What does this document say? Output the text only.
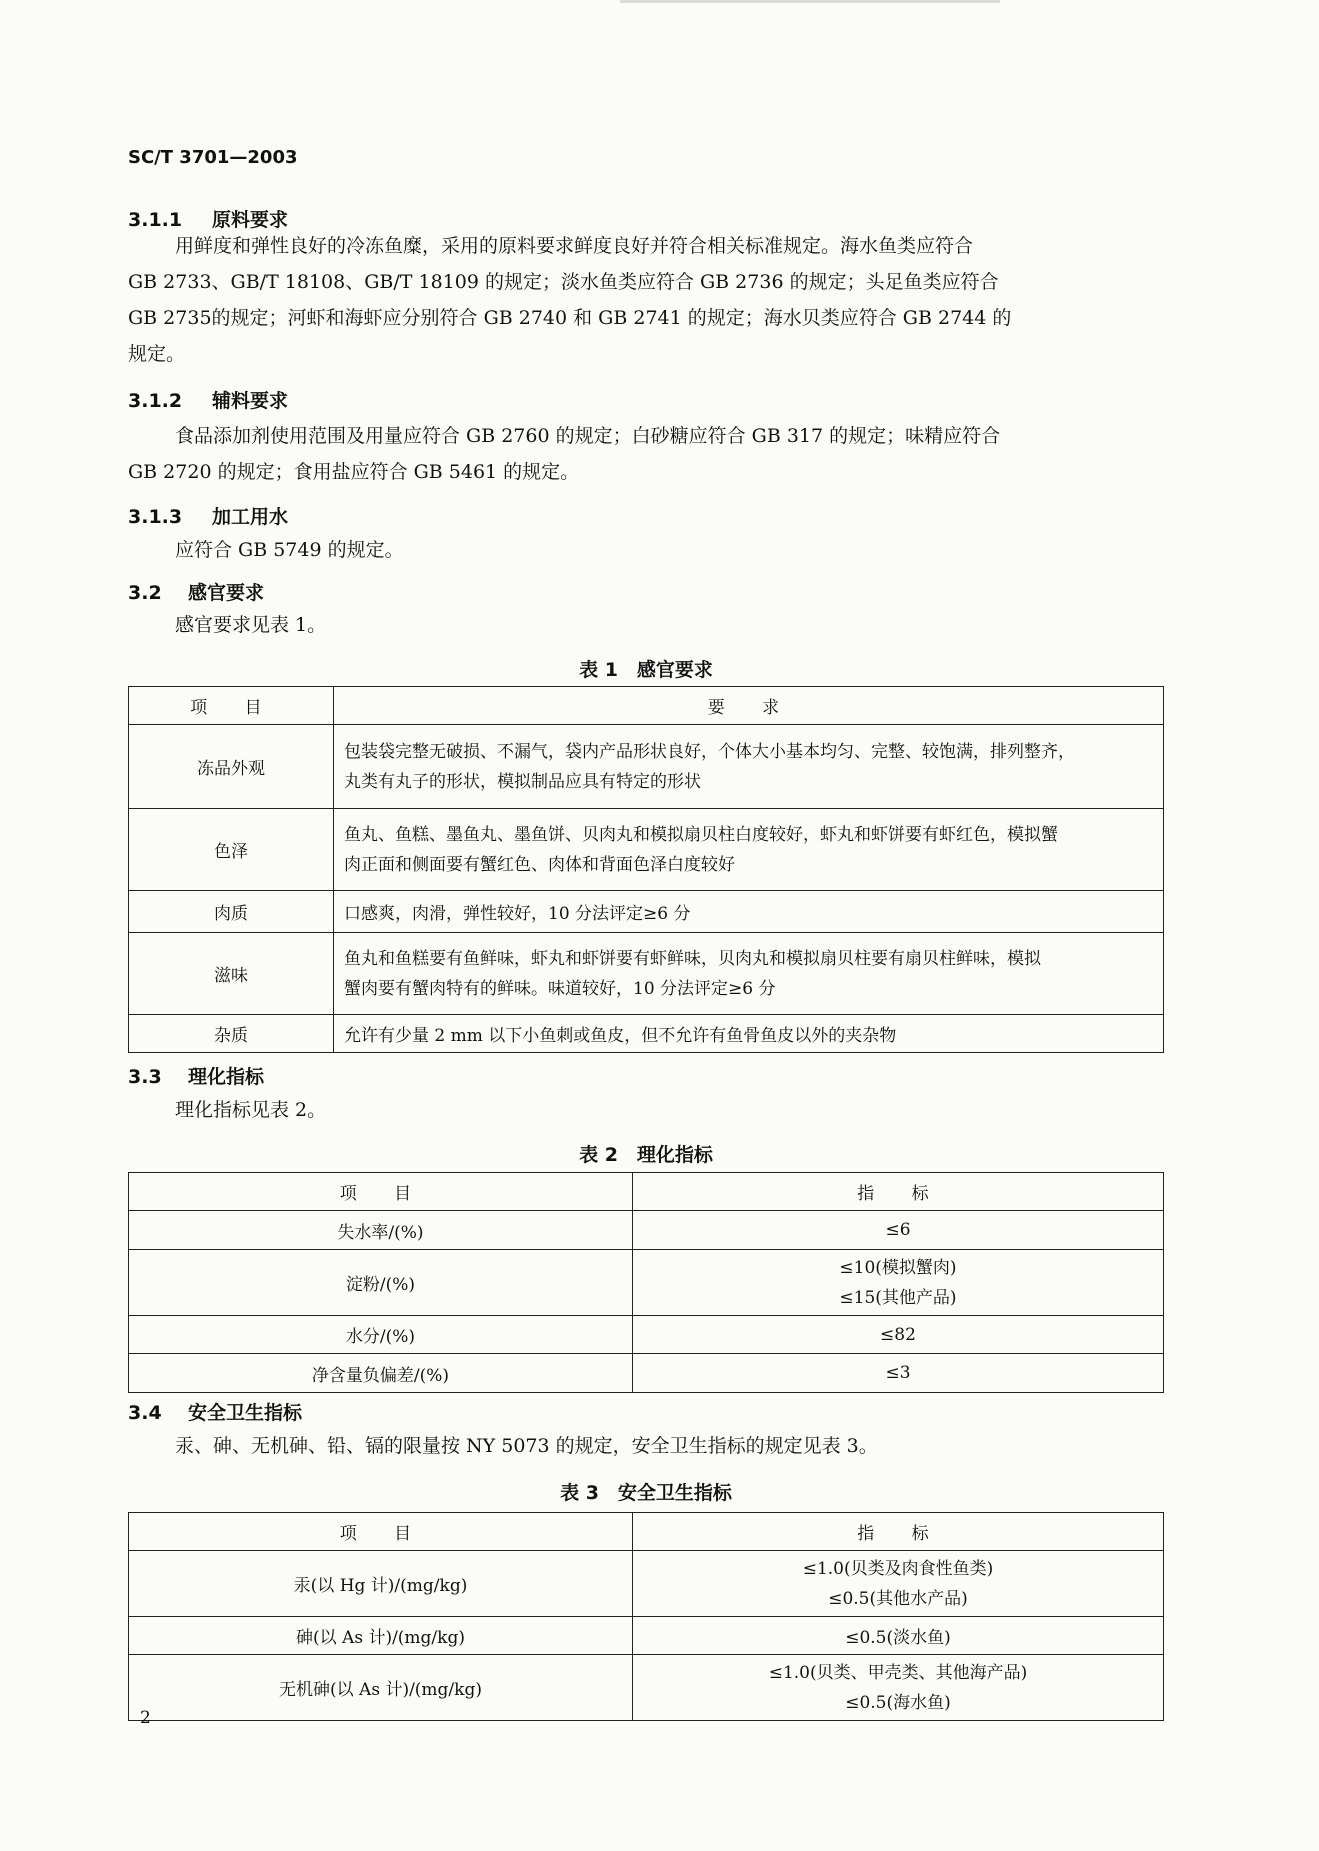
SC/T 3701—2003
3.1.1 原料要求
用鲜度和弹性良好的冷冻鱼糜，采用的原料要求鲜度良好并符合相关标准规定。海水鱼类应符合
GB 2733、GB/T 18108、GB/T 18109 的规定；淡水鱼类应符合 GB 2736 的规定；头足鱼类应符合
GB 2735的规定；河虾和海虾应分别符合 GB 2740 和 GB 2741 的规定；海水贝类应符合 GB 2744 的
规定。
3.1.2 辅料要求
食品添加剂使用范围及用量应符合 GB 2760 的规定；白砂糖应符合 GB 317 的规定；味精应符合
GB 2720 的规定；食用盐应符合 GB 5461 的规定。
3.1.3 加工用水
应符合 GB 5749 的规定。
3.2 感官要求
感官要求见表 1。
表 1　感官要求
项　目	要　求
冻品外观	包装袋完整无破损、不漏气，袋内产品形状良好，个体大小基本均匀、完整、较饱满，排列整齐，
丸类有丸子的形状，模拟制品应具有特定的形状

色泽	鱼丸、鱼糕、墨鱼丸、墨鱼饼、贝肉丸和模拟扇贝柱白度较好，虾丸和虾饼要有虾红色，模拟蟹
肉正面和侧面要有蟹红色、肉体和背面色泽白度较好

肉质	口感爽，肉滑，弹性较好，10 分法评定≥6 分
滋味	鱼丸和鱼糕要有鱼鲜味，虾丸和虾饼要有虾鲜味，贝肉丸和模拟扇贝柱要有扇贝柱鲜味，模拟
蟹肉要有蟹肉特有的鲜味。味道较好，10 分法评定≥6 分

杂质	允许有少量 2 mm 以下小鱼刺或鱼皮，但不允许有鱼骨鱼皮以外的夹杂物
3.3 理化指标
理化指标见表 2。
表 2　理化指标
项　目	指　标
失水率/(%)	≤6
淀粉/(%)	≤10(模拟蟹肉)
≤15(其他产品)

水分/(%)	≤82
净含量负偏差/(%)	≤3
3.4 安全卫生指标
汞、砷、无机砷、铅、镉的限量按 NY 5073 的规定，安全卫生指标的规定见表 3。
表 3　安全卫生指标
项　目	指　标
汞(以 Hg 计)/(mg/kg)	≤1.0(贝类及肉食性鱼类)
≤0.5(其他水产品)

砷(以 As 计)/(mg/kg)	≤0.5(淡水鱼)
无机砷(以 As 计)/(mg/kg)	≤1.0(贝类、甲壳类、其他海产品)
≤0.5(海水鱼)
2
